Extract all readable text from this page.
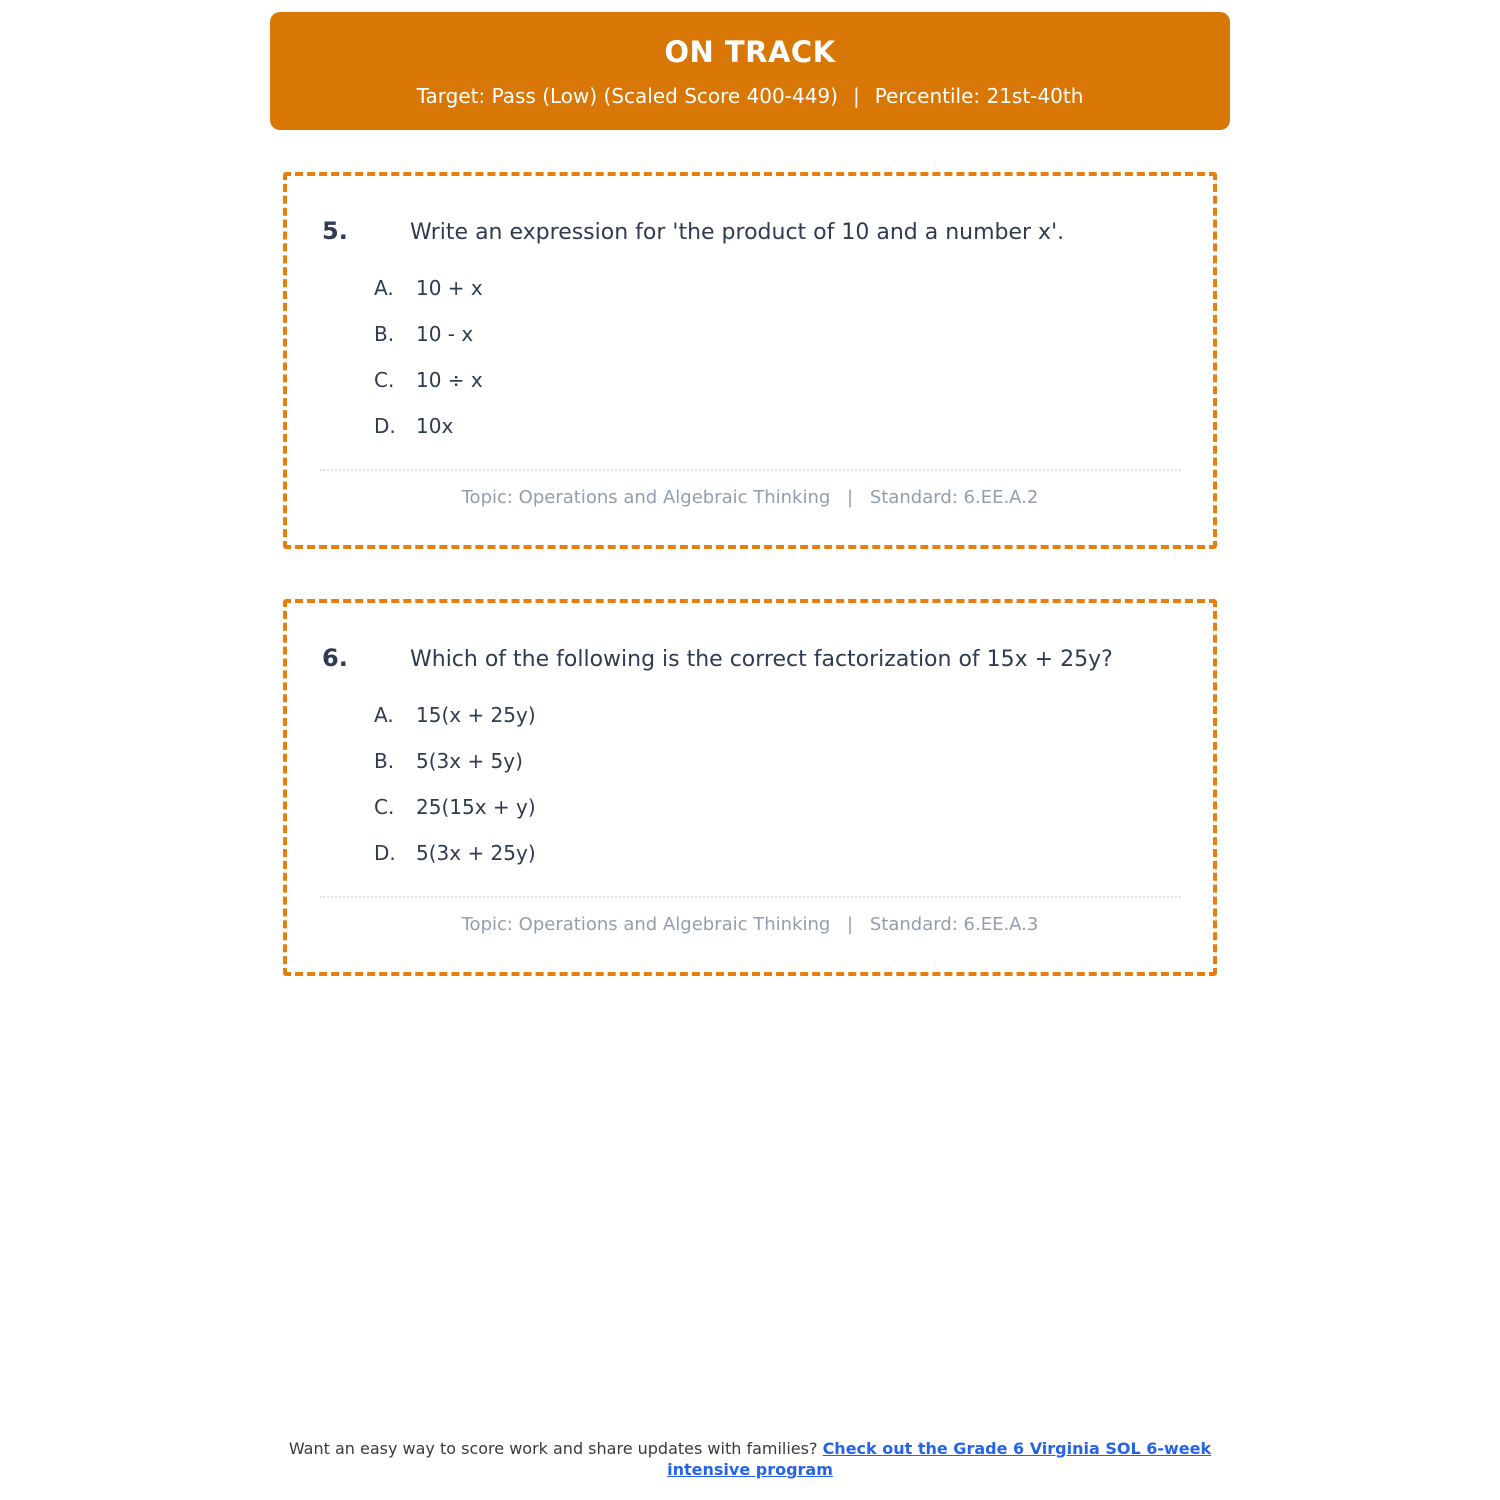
ON TRACK
Target: Pass (Low) (Scaled Score 400-449) | Percentile: 21st-40th
5.	Write an expression for 'the product of 10 and a number x'.
A.	10 + x
B.	10 - x
C.	10 ÷ x
D.	10x
Topic: Operations and Algebraic Thinking | Standard: 6.EE.A.2
6.	Which of the following is the correct factorization of 15x + 25y?
A.	15(x + 25y)
B.	5(3x + 5y)
C.	25(15x + y)
D.	5(3x + 25y)
Topic: Operations and Algebraic Thinking | Standard: 6.EE.A.3
Want an easy way to score work and share updates with families? Check out the Grade 6 Virginia SOL 6-week intensive program
